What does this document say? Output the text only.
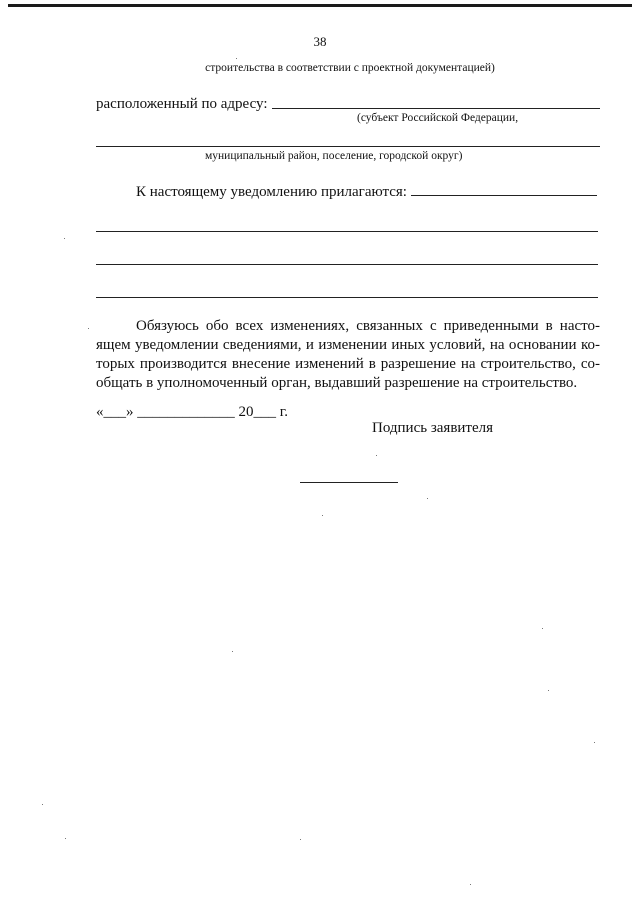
38
строительства в соответствии с проектной документацией)
расположенный по адресу:
(субъект Российской Федерации,
муниципальный район, поселение, городской округ)
К настоящему уведомлению прилагаются:
Обязуюсь обо всех изменениях, связанных с приведенными в насто-
ящем уведомлении сведениями, и изменении иных условий, на основании ко-
торых производится внесение изменений в разрешение на строительство, со-
общать в уполномоченный орган, выдавший разрешение на строительство.
«___» _____________ 20___ г.
Подпись заявителя
